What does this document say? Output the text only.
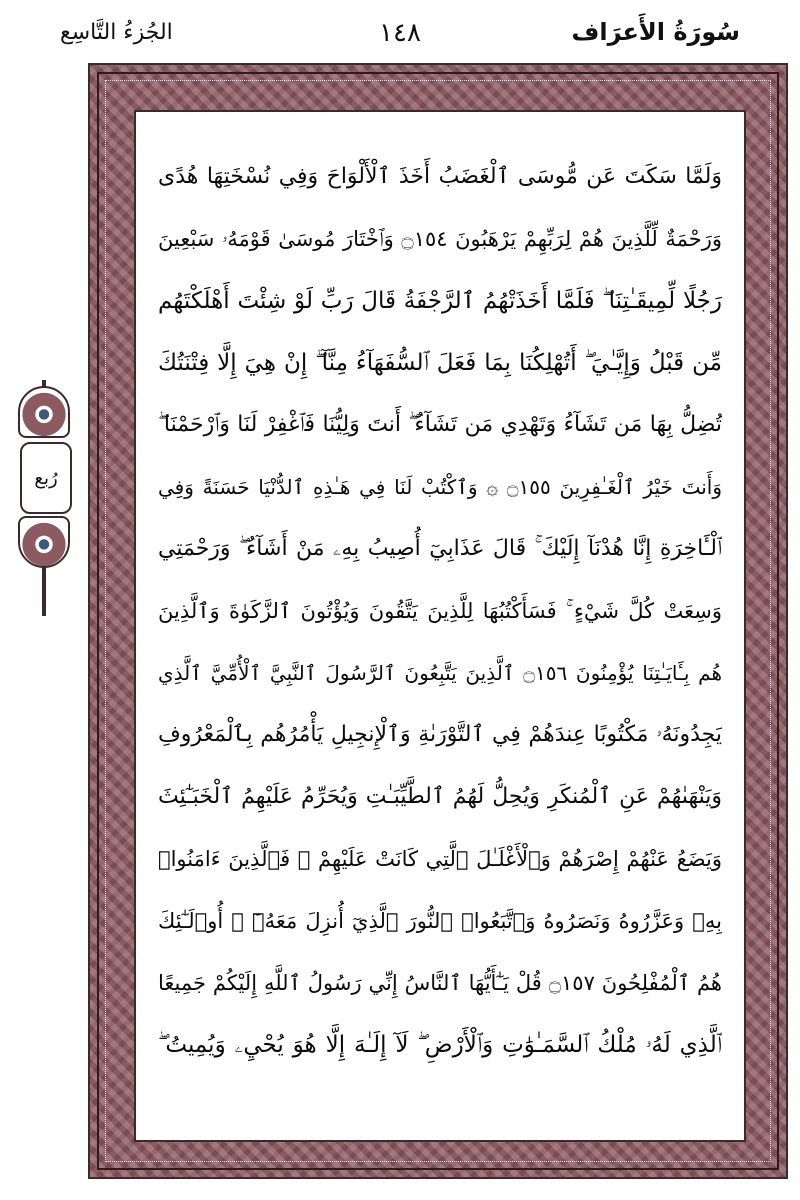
الجُزءُ التَّاسِع	١٤٨	سُورَةُ الأَعرَاف
رُبع
وَلَمَّا سَكَتَ عَن مُّوسَى ٱلْغَضَبُ أَخَذَ ٱلْأَلْوَاحَ وَفِي نُسْخَتِهَا هُدًى
وَرَحْمَةٌ لِّلَّذِينَ هُمْ لِرَبِّهِمْ يَرْهَبُونَ ۝١٥٤ وَٱخْتَارَ مُوسَىٰ قَوْمَهُۥ سَبْعِينَ
رَجُلًا لِّمِيقَـٰتِنَا ۖ فَلَمَّا أَخَذَتْهُمُ ٱلرَّجْفَةُ قَالَ رَبِّ لَوْ شِئْتَ أَهْلَكْتَهُم
مِّن قَبْلُ وَإِيَّـٰيَ ۖ أَتُهْلِكُنَا بِمَا فَعَلَ ٱلسُّفَهَآءُ مِنَّآ ۖ إِنْ هِيَ إِلَّا فِتْنَتُكَ
تُضِلُّ بِهَا مَن تَشَآءُ وَتَهْدِي مَن تَشَآءُ ۖ أَنتَ وَلِيُّنَا فَٱغْفِرْ لَنَا وَٱرْحَمْنَا ۖ
وَأَنتَ خَيْرُ ٱلْغَـٰفِرِينَ ۝١٥٥ ۞ وَٱكْتُبْ لَنَا فِي هَـٰذِهِ ٱلدُّنْيَا حَسَنَةً وَفِي
ٱلْـَٔاخِرَةِ إِنَّا هُدْنَآ إِلَيْكَ ۚ قَالَ عَذَابِيٓ أُصِيبُ بِهِۦ مَنْ أَشَآءُ ۖ وَرَحْمَتِي
وَسِعَتْ كُلَّ شَيْءٍ ۚ فَسَأَكْتُبُهَا لِلَّذِينَ يَتَّقُونَ وَيُؤْتُونَ ٱلزَّكَوٰةَ وَٱلَّذِينَ
هُم بِـَٔايَـٰتِنَا يُؤْمِنُونَ ۝١٥٦ ٱلَّذِينَ يَتَّبِعُونَ ٱلرَّسُولَ ٱلنَّبِيَّ ٱلْأُمِّيَّ ٱلَّذِي
يَجِدُونَهُۥ مَكْتُوبًا عِندَهُمْ فِي ٱلتَّوْرَىٰةِ وَٱلْإِنجِيلِ يَأْمُرُهُم بِٱلْمَعْرُوفِ
وَيَنْهَىٰهُمْ عَنِ ٱلْمُنكَرِ وَيُحِلُّ لَهُمُ ٱلطَّيِّبَـٰتِ وَيُحَرِّمُ عَلَيْهِمُ ٱلْخَبَـٰٓئِثَ
وَيَضَعُ عَنْهُمْ إِصْرَهُمْ وَٱلْأَغْلَـٰلَ ٱلَّتِي كَانَتْ عَلَيْهِمْ ۚ فَٱلَّذِينَ ءَامَنُوا۟
بِهِۦ وَعَزَّرُوهُ وَنَصَرُوهُ وَٱتَّبَعُوا۟ ٱلنُّورَ ٱلَّذِيٓ أُنزِلَ مَعَهُۥٓ ۙ أُو۟لَـٰٓئِكَ
هُمُ ٱلْمُفْلِحُونَ ۝١٥٧ قُلْ يَـٰٓأَيُّهَا ٱلنَّاسُ إِنِّي رَسُولُ ٱللَّهِ إِلَيْكُمْ جَمِيعًا
ٱلَّذِي لَهُۥ مُلْكُ ٱلسَّمَـٰوَٰتِ وَٱلْأَرْضِ ۖ لَآ إِلَـٰهَ إِلَّا هُوَ يُحْيِۦ وَيُمِيتُ ۖ
